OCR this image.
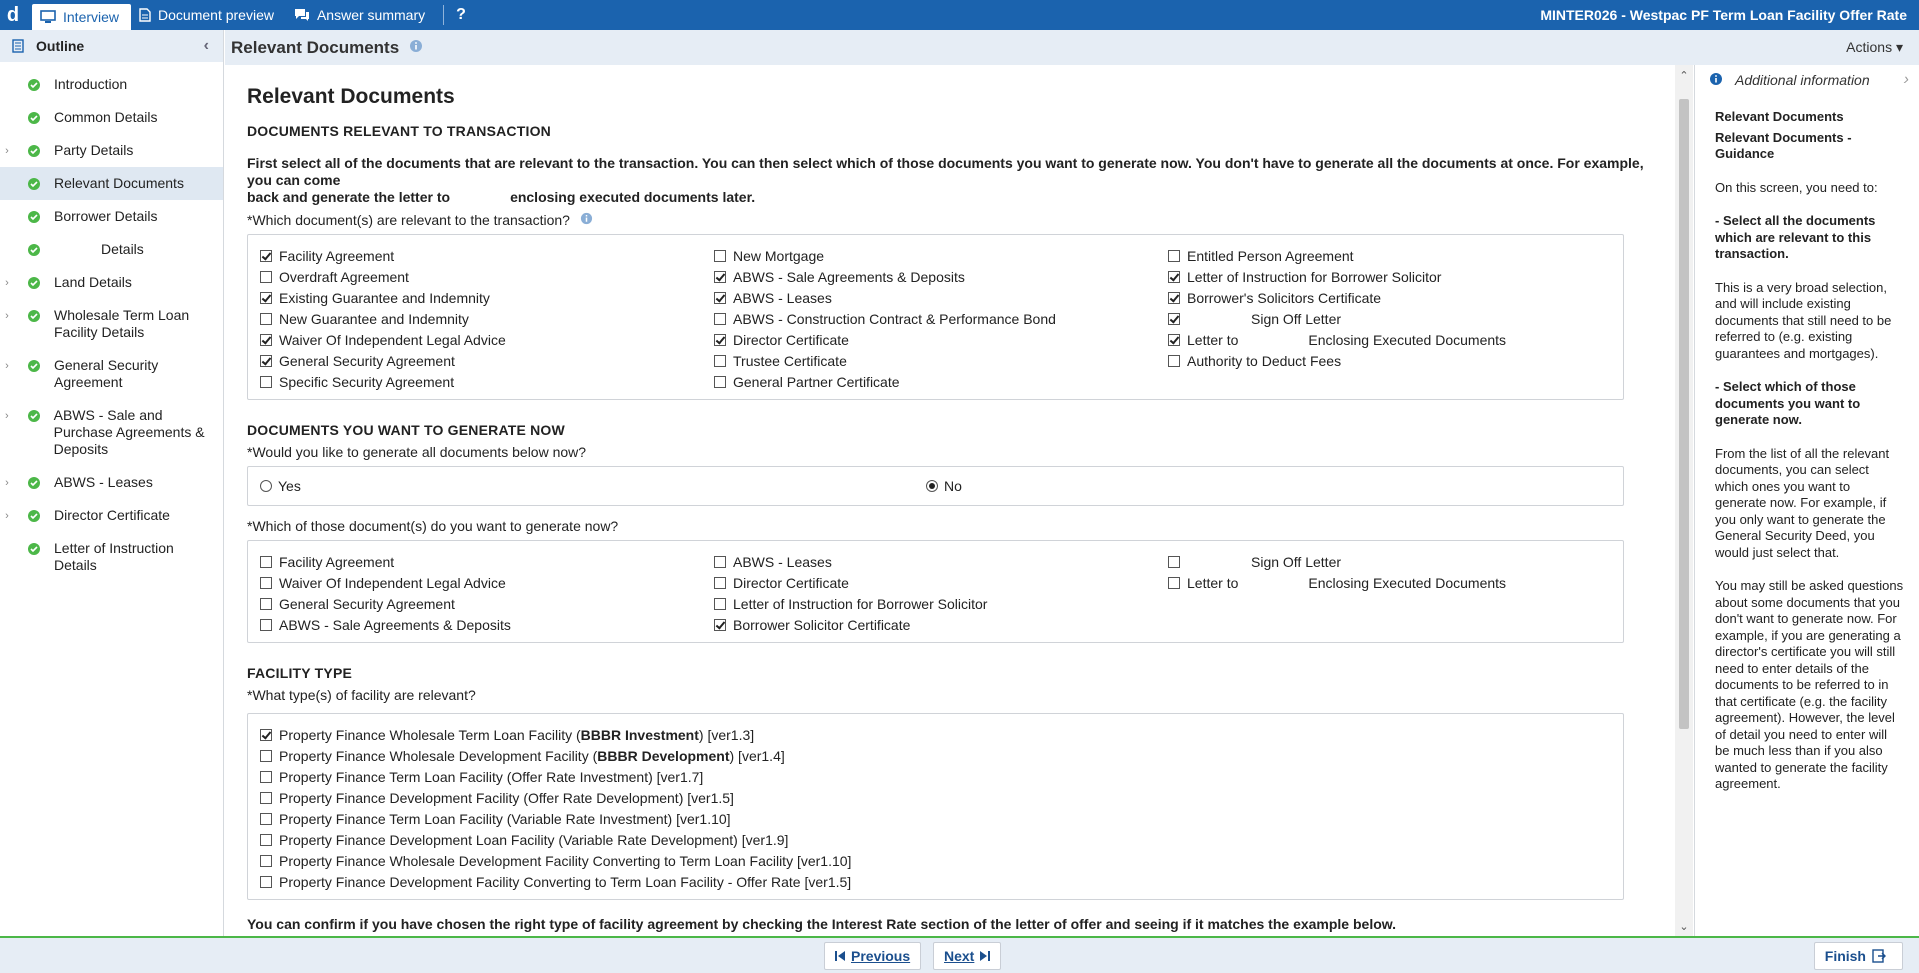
d	Interview	Document preview	Answer summary	?	MINTER026 - Westpac PF Term Loan Facility Offer Rate
Outline	‹
Introduction
Common Details
›	Party Details
Relevant Documents
Borrower Details
Details
›	Land Details
›	Wholesale Term Loan Facility Details
›	General Security Agreement
›	ABWS - Sale and Purchase Agreements & Deposits
›	ABWS - Leases
›	Director Certificate
Letter of Instruction Details
Relevant Documents	Actions ▾
Relevant Documents
DOCUMENTS RELEVANT TO TRANSACTION
First select all of the documents that are relevant to the transaction. You can then select which of those documents you want to generate now. You don't have to generate all the documents at once. For example, you can come
back and generate the letter to	enclosing executed documents later.
*Which document(s) are relevant to the transaction?
Facility Agreement
Overdraft Agreement
Existing Guarantee and Indemnity
New Guarantee and Indemnity
Waiver Of Independent Legal Advice
General Security Agreement
Specific Security Agreement
New Mortgage
ABWS - Sale Agreements & Deposits
ABWS - Leases
ABWS - Construction Contract & Performance Bond
Director Certificate
Trustee Certificate
General Partner Certificate
Entitled Person Agreement
Letter of Instruction for Borrower Solicitor
Borrower's Solicitors Certificate
Sign Off Letter
Letter to	Enclosing Executed Documents
Authority to Deduct Fees
DOCUMENTS YOU WANT TO GENERATE NOW
*Would you like to generate all documents below now?
Yes	No
*Which of those document(s) do you want to generate now?
Facility Agreement
Waiver Of Independent Legal Advice
General Security Agreement
ABWS - Sale Agreements & Deposits
ABWS - Leases
Director Certificate
Letter of Instruction for Borrower Solicitor
Borrower Solicitor Certificate
Sign Off Letter
Letter to	Enclosing Executed Documents
FACILITY TYPE
*What type(s) of facility are relevant?
Property Finance Wholesale Term Loan Facility ( BBBR Investment ) [ver1.3]
Property Finance Wholesale Development Facility ( BBBR Development ) [ver1.4]
Property Finance Term Loan Facility (Offer Rate Investment) [ver1.7]
Property Finance Development Facility (Offer Rate Development) [ver1.5]
Property Finance Term Loan Facility (Variable Rate Investment) [ver1.10]
Property Finance Development Loan Facility (Variable Rate Development) [ver1.9]
Property Finance Wholesale Development Facility Converting to Term Loan Facility [ver1.10]
Property Finance Development Facility Converting to Term Loan Facility - Offer Rate [ver1.5]
You can confirm if you have chosen the right type of facility agreement by checking the Interest Rate section of the letter of offer and seeing if it matches the example below.
⌃
⌄
Additional information ›
Relevant Documents

Relevant Documents - Guidance

On this screen, you need to:

- Select all the documents which are relevant to this transaction.

This is a very broad selection, and will include existing documents that still need to be referred to (e.g. existing guarantees and mortgages).

- Select which of those documents you want to generate now.

From the list of all the relevant documents, you can select which ones you want to generate now. For example, if you only want to generate the General Security Deed, you would just select that.

You may still be asked questions about some documents that you don't want to generate now. For example, if you are generating a director's certificate you will still need to enter details of the documents to be referred to in that certificate (e.g. the facility agreement). However, the level of detail you need to enter will be much less than if you also wanted to generate the facility agreement.

Previous Next	Finish
